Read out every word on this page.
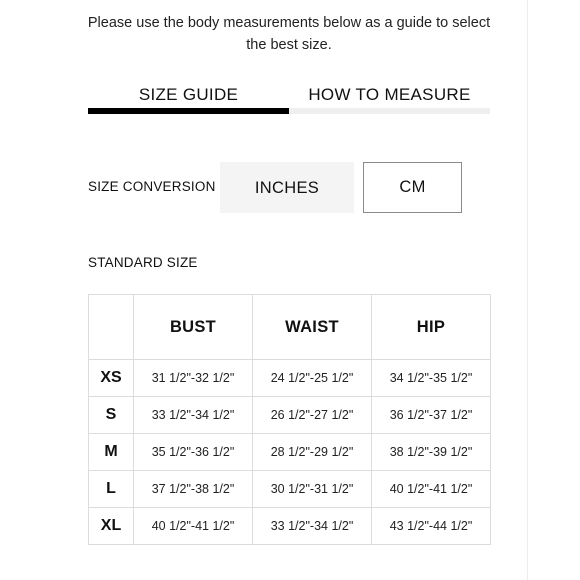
Please use the body measurements below as a guide to select
the best size.
SIZE GUIDE	HOW TO MEASURE
SIZE CONVERSION	INCHES	CM
STANDARD SIZE
	BUST	WAIST	HIP
XS	31 1/2"-32 1/2"	24 1/2"-25 1/2"	34 1/2"-35 1/2"
S	33 1/2"-34 1/2"	26 1/2"-27 1/2"	36 1/2"-37 1/2"
M	35 1/2"-36 1/2"	28 1/2"-29 1/2"	38 1/2"-39 1/2"
L	37 1/2"-38 1/2"	30 1/2"-31 1/2"	40 1/2"-41 1/2"
XL	40 1/2"-41 1/2"	33 1/2"-34 1/2"	43 1/2"-44 1/2"
